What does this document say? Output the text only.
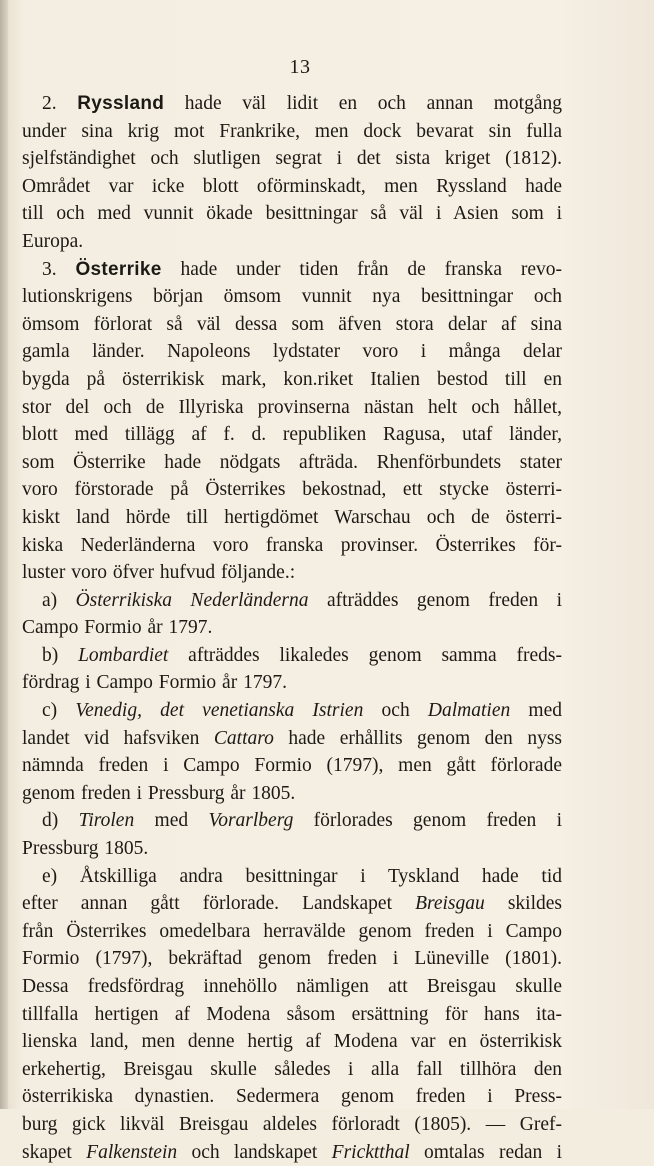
13
2. Ryssland hade väl lidit en och annan motgång
under sina krig mot Frankrike, men dock bevarat sin fulla
sjelfständighet och slutligen segrat i det sista kriget (1812).
Området var icke blott oförminskadt, men Ryssland hade
till och med vunnit ökade besittningar så väl i Asien som i
Europa.
3. Österrike hade under tiden från de franska revo-
lutionskrigens början ömsom vunnit nya besittningar och
ömsom förlorat så väl dessa som äfven stora delar af sina
gamla länder. Napoleons lydstater voro i många delar
bygda på österrikisk mark, kon.riket Italien bestod till en
stor del och de Illyriska provinserna nästan helt och hållet,
blott med tillägg af f. d. republiken Ragusa, utaf länder,
som Österrike hade nödgats afträda. Rhenförbundets stater
voro förstorade på Österrikes bekostnad, ett stycke österri-
kiskt land hörde till hertigdömet Warschau och de österri-
kiska Nederländerna voro franska provinser. Österrikes för-
luster voro öfver hufvud följande.:
a) Österrikiska Nederländerna afträddes genom freden i
Campo Formio år 1797.
b) Lombardiet afträddes likaledes genom samma freds-
fördrag i Campo Formio år 1797.
c) Venedig, det venetianska Istrien och Dalmatien med
landet vid hafsviken Cattaro hade erhållits genom den nyss
nämnda freden i Campo Formio (1797), men gått förlorade
genom freden i Pressburg år 1805.
d) Tirolen med Vorarlberg förlorades genom freden i
Pressburg 1805.
e) Åtskilliga andra besittningar i Tyskland hade tid
efter annan gått förlorade. Landskapet Breisgau skildes
från Österrikes omedelbara herravälde genom freden i Campo
Formio (1797), bekräftad genom freden i Lüneville (1801).
Dessa fredsfördrag innehöllo nämligen att Breisgau skulle
tillfalla hertigen af Modena såsom ersättning för hans ita-
lienska land, men denne hertig af Modena var en österrikisk
erkehertig, Breisgau skulle således i alla fall tillhöra den
österrikiska dynastien. Sedermera genom freden i Press-
burg gick likväl Breisgau aldeles förloradt (1805). — Gref-
skapet Falkenstein och landskapet Fricktthal omtalas redan i
